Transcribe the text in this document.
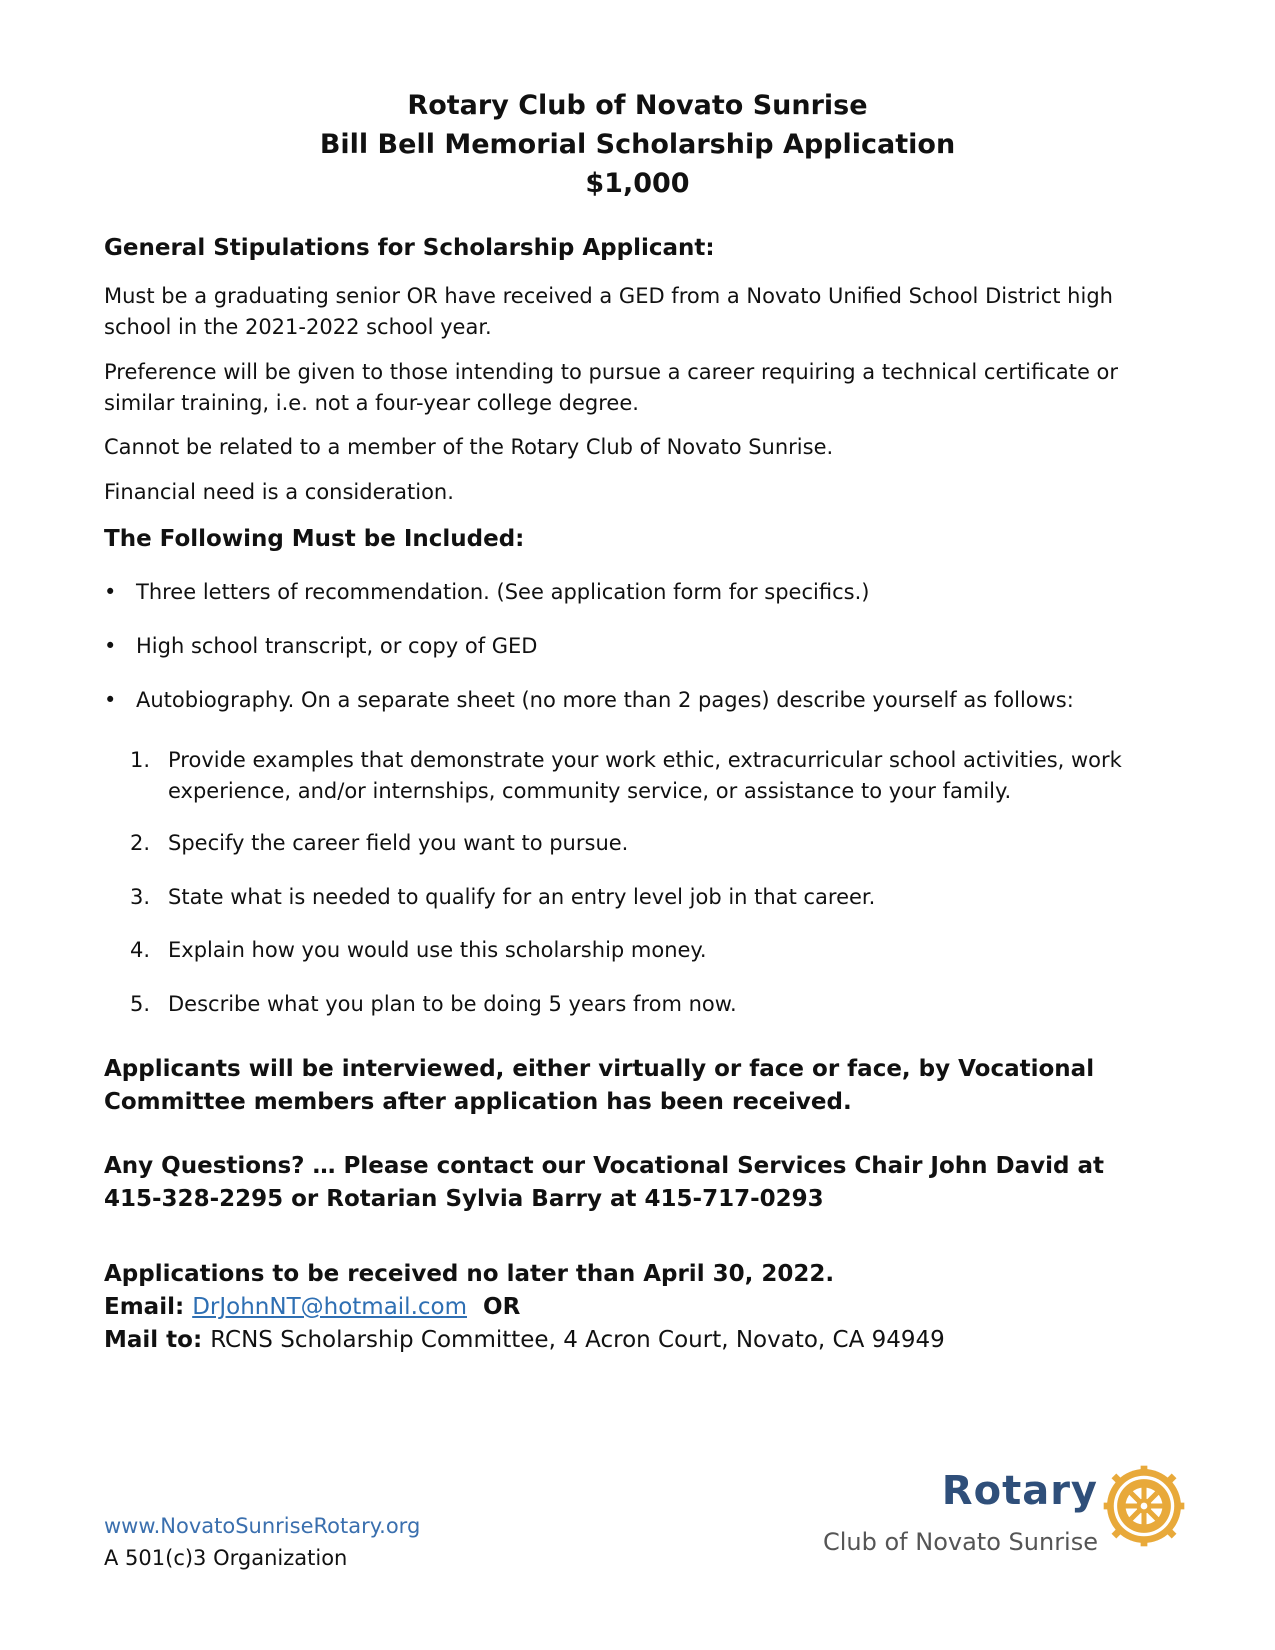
Rotary Club of Novato Sunrise
Bill Bell Memorial Scholarship Application
$1,000
General Stipulations for Scholarship Applicant:
Must be a graduating senior OR have received a GED from a Novato Unified School District high school in the 2021-2022 school year.
Preference will be given to those intending to pursue a career requiring a technical certificate or similar training, i.e. not a four-year college degree.
Cannot be related to a member of the Rotary Club of Novato Sunrise.
Financial need is a consideration.
The Following Must be Included:
• Three letters of recommendation. (See application form for specifics.)
• High school transcript, or copy of GED
• Autobiography. On a separate sheet (no more than 2 pages) describe yourself as follows:
1. Provide examples that demonstrate your work ethic, extracurricular school activities, work experience, and/or internships, community service, or assistance to your family.
2. Specify the career field you want to pursue.
3. State what is needed to qualify for an entry level job in that career.
4. Explain how you would use this scholarship money.
5. Describe what you plan to be doing 5 years from now.
Applicants will be interviewed, either virtually or face or face, by Vocational
Committee members after application has been received.
Any Questions? … Please contact our Vocational Services Chair John David at
415-328-2295 or Rotarian Sylvia Barry at 415-717-0293
Applications to be received no later than April 30, 2022.
Email: DrJohnNT@hotmail.com OR
Mail to: RCNS Scholarship Committee, 4 Acron Court, Novato, CA 94949
www.NovatoSunriseRotary.org
A 501(c)3 Organization
Rotary
Club of Novato Sunrise
